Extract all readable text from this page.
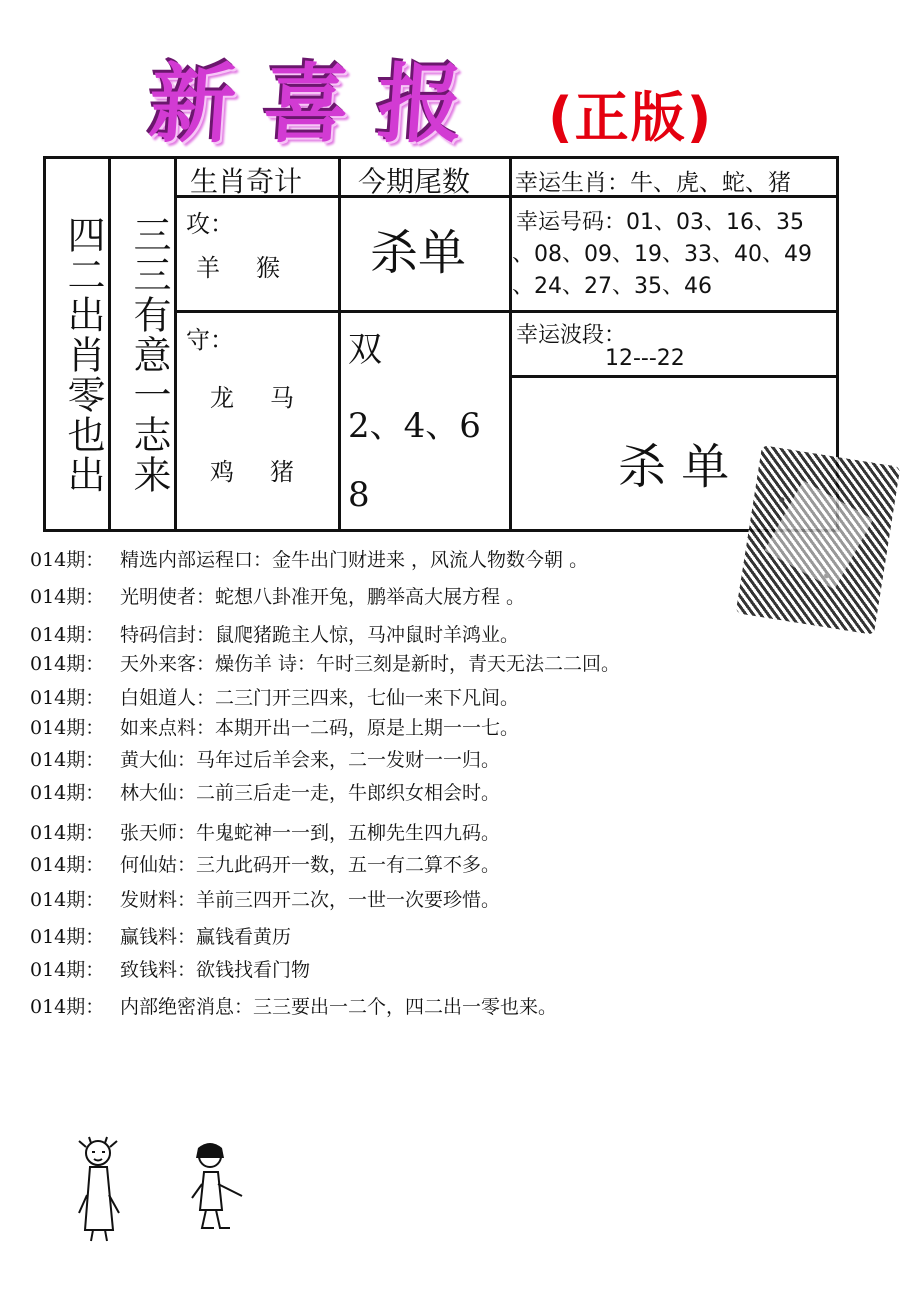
新喜报 (正版)
四二出肖零也出 三三有意一志来
生肖奇计 今期尾数 幸运生肖：牛、虎、蛇、猪
攻：
羊　猴 杀单
幸运号码：01、03、16、35
、08、09、19、33、40、49
、24、27、35、46
守：
龙　马
鸡　猪
双
2、4、6
8
幸运波段：
12---22
杀 单
014期： 精选内部运程口：金牛出门财进来 ，风流人物数今朝 。
014期： 光明使者：蛇想八卦准开兔，鹏举高大展方程 。
014期： 特码信封：鼠爬猪跪主人惊，马冲鼠时羊鸿业。
014期： 天外来客：燥伤羊 诗：午时三刻是新时，青天无法二二回。
014期： 白姐道人：二三门开三四来，七仙一来下凡间。
014期： 如来点料：本期开出一二码，原是上期一一七。
014期： 黄大仙：马年过后羊会来，二一发财一一归。
014期： 林大仙：二前三后走一走，牛郎织女相会时。
014期： 张天师：牛鬼蛇神一一到，五柳先生四九码。
014期： 何仙姑：三九此码开一数，五一有二算不多。
014期： 发财料：羊前三四开二次，一世一次要珍惜。
014期： 赢钱料：赢钱看黄历
014期： 致钱料：欲钱找看门物
014期： 内部绝密消息：三三要出一二个，四二出一零也来。
